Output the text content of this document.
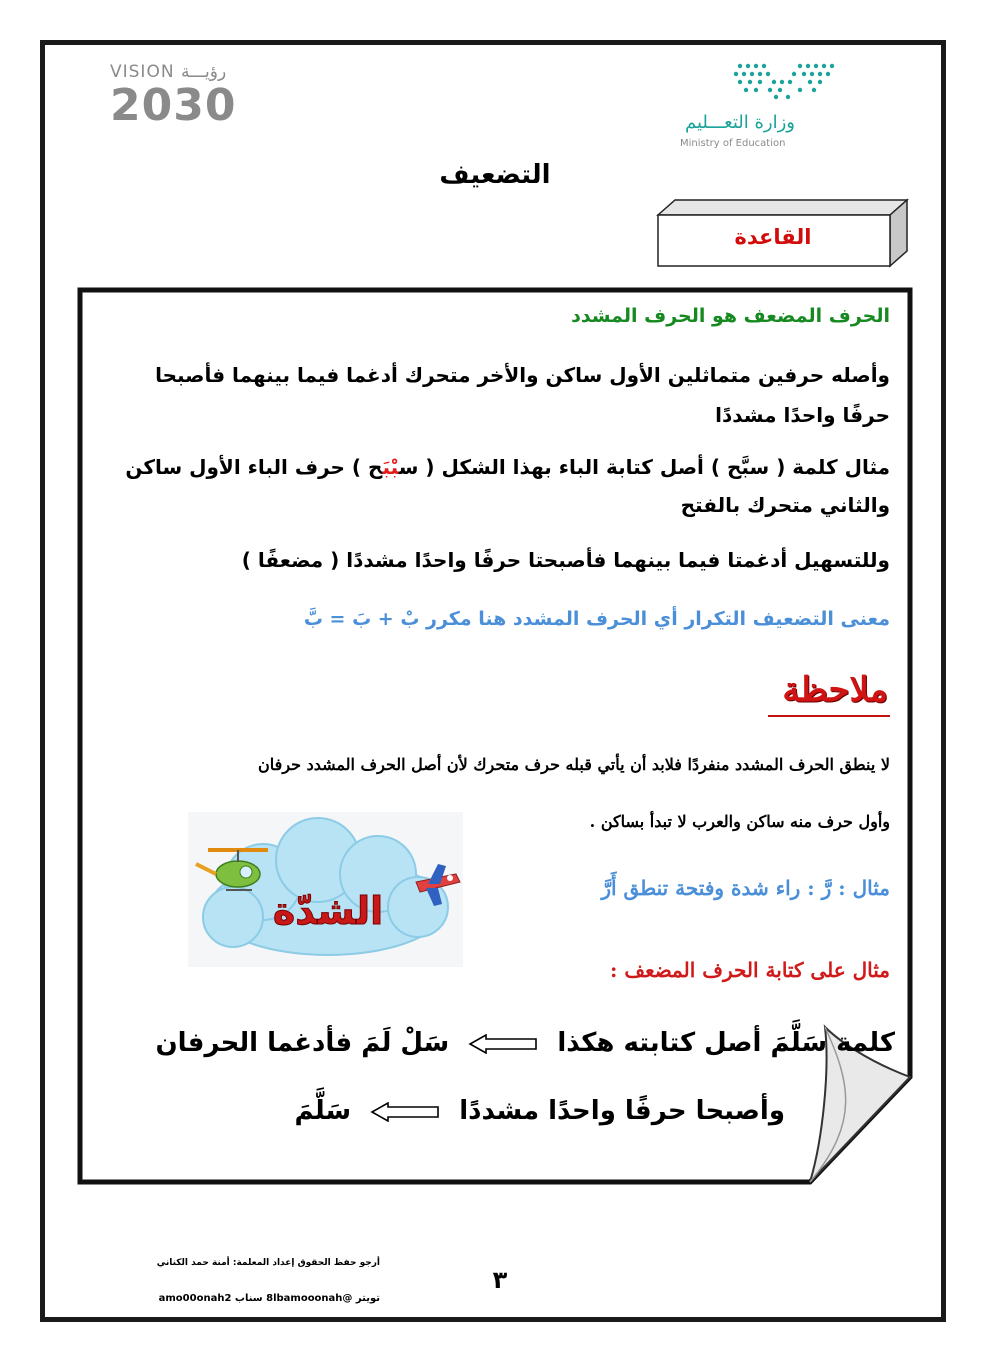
VISION رؤيـــة
2030	وزارة التعـــليم
Ministry of Education
التضعيف
القاعدة
الحرف المضعف هو الحرف المشدد
وأصله حرفين متماثلين الأول ساكن والأخر متحرك أدغما فيما بينهما فأصبحا حرفًا واحدًا مشددًا
مثال كلمة ( سبَّح ) أصل كتابة الباء بهذا الشكل ( سبْبَح ) حرف الباء الأول ساكن والثاني متحرك بالفتح
وللتسهيل أدغمتا فيما بينهما فأصبحتا حرفًا واحدًا مشددًا ( مضعفًا )
معنى التضعيف التكرار أي الحرف المشدد هنا مكرر بْ + بَ = بَّ
ملاحظة
لا ينطق الحرف المشدد منفردًا فلابد أن يأتي قبله حرف متحرك لأن أصل الحرف المشدد حرفان
وأول حرف منه ساكن والعرب لا تبدأ بساكن .
مثال : رَّ : راء شدة وفتحة تنطق أَرَّ
مثال على كتابة الحرف المضعف :
الشدّة
كلمة سَلَّمَ أصل كتابته هكذا  سَلْ لَمَ فأدغما الحرفان
وأصبحا حرفًا واحدًا مشددًا  سَلَّمَ
أرجو حفظ الحقوق إعداد المعلمة: أمنة حمد الكناني
تويتر @8lbamooonah سناب amo00onah2
٣
